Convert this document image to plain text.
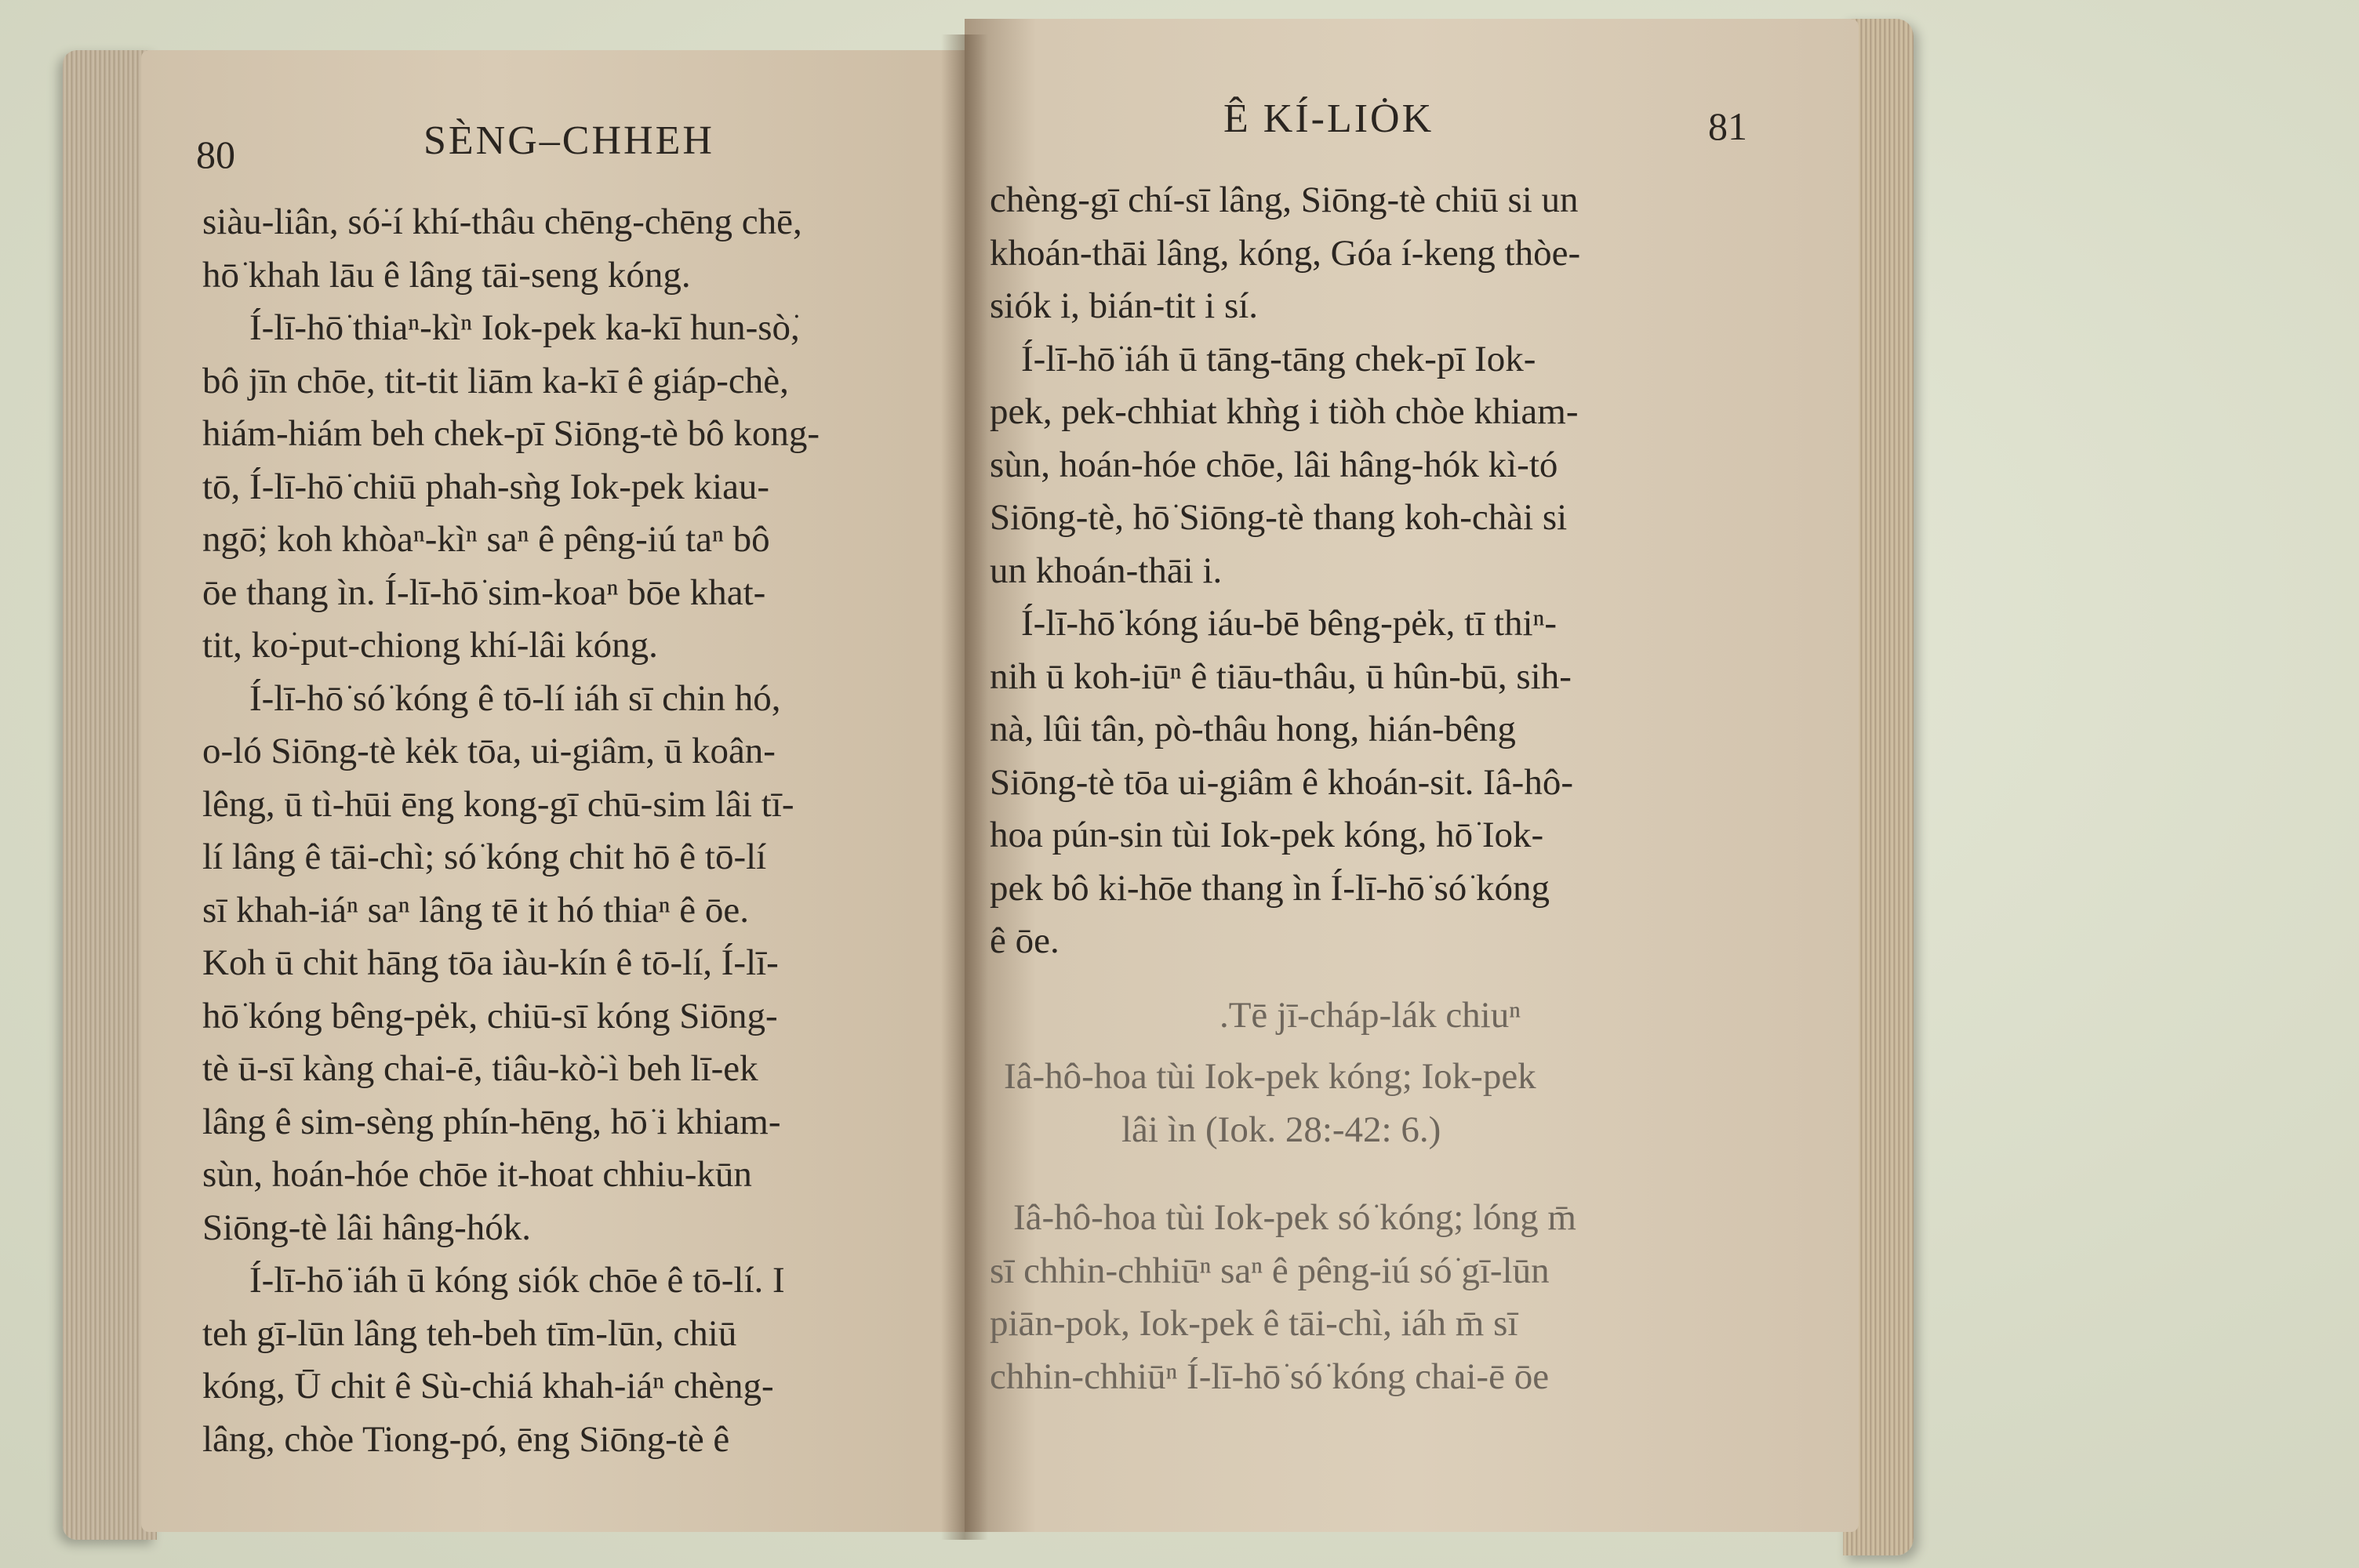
80	SÈNG–CHHEH	Ê KÍ-LIȮK	81
siàu-liân, só͘-í khí-thâu chēng-chēng chē,
hō͘ khah lāu ê lâng tāi-seng kóng.
Í-lī-hō͘ thiaⁿ-kìⁿ Iok-pek ka-kī hun-sò͘,
bô jīn chōe, tit-tit liām ka-kī ê giáp-chè,
hiám-hiám beh chek-pī Siōng-tè bô kong-
tō, Í-lī-hō͘ chiū phah-sǹg Iok-pek kiau-
ngō͘; koh khòaⁿ-kìⁿ saⁿ ê pêng-iú taⁿ bô
ōe thang ìn. Í-lī-hō͘ sim-koaⁿ bōe khat-
tit, ko͘-put-chiong khí-lâi kóng.
Í-lī-hō͘ só͘ kóng ê tō-lí iáh sī chin hó,
o-ló Siōng-tè kėk tōa, ui-giâm, ū koân-
lêng, ū tì-hūi ēng kong-gī chū-sim lâi tī-
lí lâng ê tāi-chì; só͘ kóng chit hō ê tō-lí
sī khah-iáⁿ saⁿ lâng tē it hó thiaⁿ ê ōe.
Koh ū chit hāng tōa iàu-kín ê tō-lí, Í-lī-
hō͘ kóng bêng-pėk, chiū-sī kóng Siōng-
tè ū-sī kàng chai-ē, tiâu-kò͘-ì beh lī-ek
lâng ê sim-sèng phín-hēng, hō͘ i khiam-
sùn, hoán-hóe chōe it-hoat chhiu-kūn
Siōng-tè lâi hâng-hók.
Í-lī-hō͘ iáh ū kóng siók chōe ê tō-lí. I
teh gī-lūn lâng teh-beh tīm-lūn, chiū
kóng, Ū chit ê Sù-chiá khah-iáⁿ chèng-
lâng, chòe Tiong-pó, ēng Siōng-tè ê
chèng-gī chí-sī lâng, Siōng-tè chiū si un
khoán-thāi lâng, kóng, Góa í-keng thòe-
siók i, bián-tit i sí.
Í-lī-hō͘ iáh ū tāng-tāng chek-pī Iok-
pek, pek-chhiat khǹg i tiòh chòe khiam-
sùn, hoán-hóe chōe, lâi hâng-hók kì-tó
Siōng-tè, hō͘ Siōng-tè thang koh-chài si
un khoán-thāi i.
Í-lī-hō͘ kóng iáu-bē bêng-pėk, tī thiⁿ-
nih ū koh-iūⁿ ê tiāu-thâu, ū hûn-bū, sih-
nà, lûi tân, pò-thâu hong, hián-bêng
Siōng-tè tōa ui-giâm ê khoán-sit. Iâ-hô-
hoa pún-sin tùi Iok-pek kóng, hō͘ Iok-
pek bô ki-hōe thang ìn Í-lī-hō͘ só͘ kóng
ê ōe.
.Tē jī-cháp-lák chiuⁿ
Iâ-hô-hoa tùi Iok-pek kóng; Iok-pek
lâi ìn (Iok. 28:-42: 6.)
Iâ-hô-hoa tùi Iok-pek só͘ kóng; lóng m̄
sī chhin-chhiūⁿ saⁿ ê pêng-iú só͘ gī-lūn
piān-pok, Iok-pek ê tāi-chì, iáh m̄ sī
chhin-chhiūⁿ Í-lī-hō͘ só͘ kóng chai-ē ōe
